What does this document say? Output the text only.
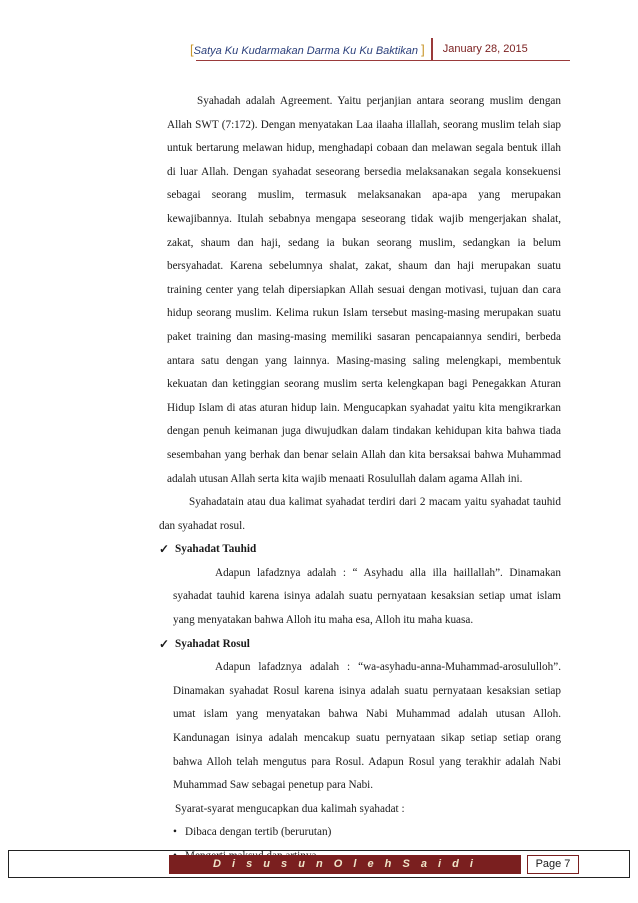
[Satya Ku Kudarmakan Darma Ku Ku Baktikan ]	January 28, 2015

Syahadah adalah Agreement. Yaitu perjanjian antara seorang muslim dengan Allah SWT (7:172). Dengan menyatakan Laa ilaaha illallah, seorang muslim telah siap untuk bertarung melawan hidup, menghadapi cobaan dan melawan segala bentuk illah di luar Allah. Dengan syahadat seseorang bersedia melaksanakan segala konsekuensi sebagai seorang muslim, termasuk melaksanakan apa-apa yang merupakan kewajibannya. Itulah sebabnya mengapa seseorang tidak wajib mengerjakan shalat, zakat, shaum dan haji, sedang ia bukan seorang muslim, sedangkan ia belum bersyahadat. Karena sebelumnya shalat, zakat, shaum dan haji merupakan suatu training center yang telah dipersiapkan Allah sesuai dengan motivasi, tujuan dan cara hidup seorang muslim. Kelima rukun Islam tersebut masing-masing merupakan suatu paket training dan masing-masing memiliki sasaran pencapaiannya sendiri, berbeda antara satu dengan yang lainnya. Masing-masing saling melengkapi, membentuk kekuatan dan ketinggian seorang muslim serta kelengkapan bagi Penegakkan Aturan Hidup Islam di atas aturan hidup lain. Mengucapkan syahadat yaitu kita mengikrarkan dengan penuh keimanan juga diwujudkan dalam tindakan kehidupan kita bahwa tiada sesembahan yang berhak dan benar selain Allah dan kita bersaksai bahwa Muhammad adalah utusan Allah serta kita wajib menaati Rosulullah dalam agama Allah ini.

Syahadatain atau dua kalimat syahadat terdiri dari 2 macam yaitu syahadat tauhid dan syahadat rosul.

✓ Syahadat Tauhid

Adapun lafadznya adalah : “ Asyhadu alla illa haillallah”. Dinamakan syahadat tauhid karena isinya adalah suatu pernyataan kesaksian setiap umat islam yang menyatakan bahwa Alloh itu maha esa, Alloh itu maha kuasa.

✓ Syahadat Rosul

Adapun lafadznya adalah : “wa-asyhadu-anna-Muhammad-arosululloh”. Dinamakan syahadat Rosul karena isinya adalah suatu pernyataan kesaksian setiap umat islam yang menyatakan bahwa Nabi Muhammad adalah utusan Alloh. Kandunagan isinya adalah mencakup suatu pernyataan sikap setiap setiap orang bahwa Alloh telah mengutus para Rosul. Adapun Rosul yang terakhir adalah Nabi Muhammad Saw sebagai penetup para Nabi.

Syarat-syarat mengucapkan dua kalimah syahadat :

• Dibaca dengan tertib (berurutan)
D i s u s u n O l e h S a i d i	Page 7
